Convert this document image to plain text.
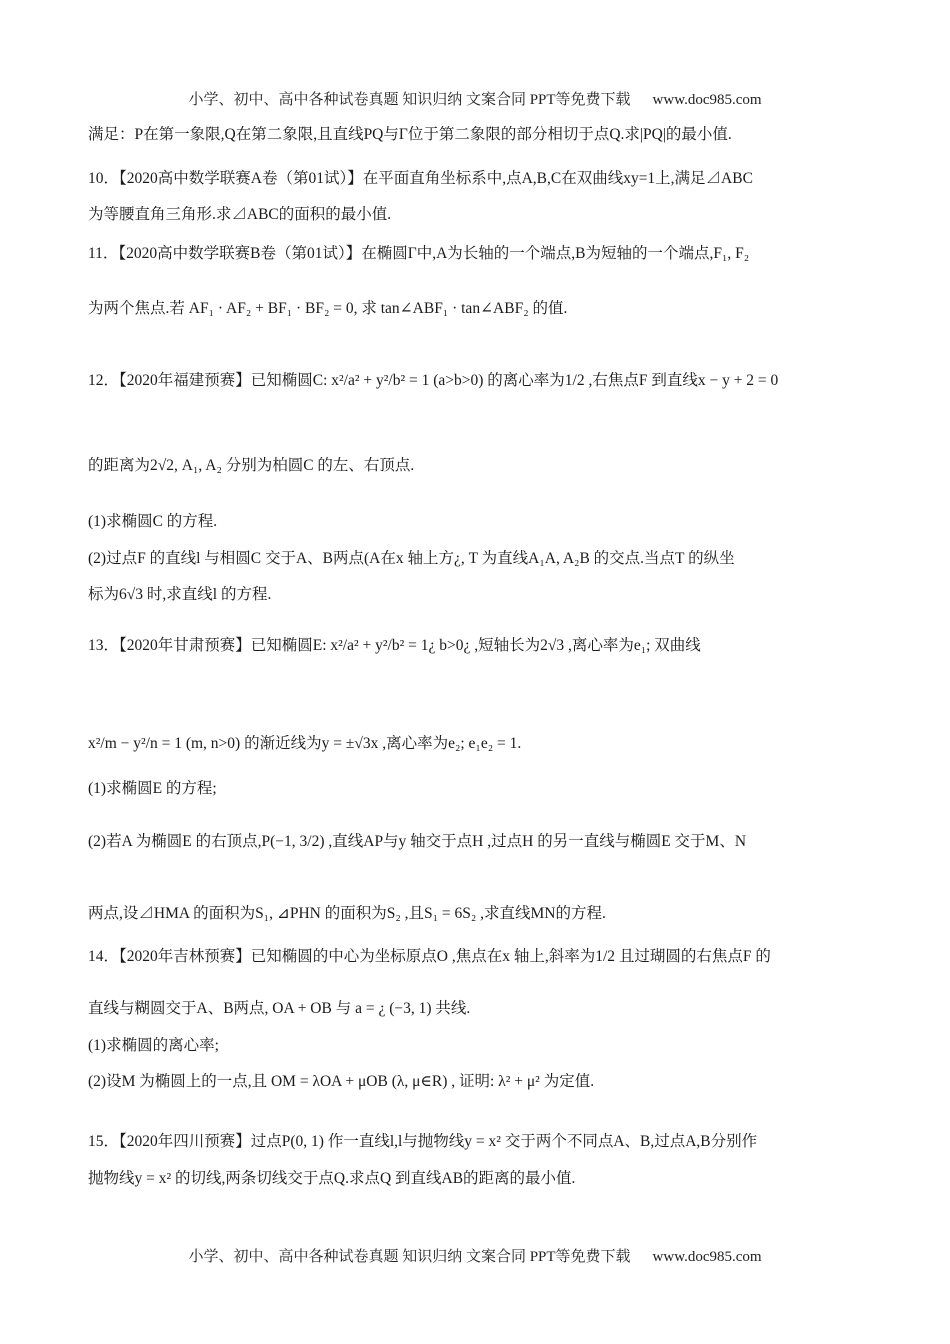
小学、初中、高中各种试卷真题 知识归纳 文案合同 PPT等免费下载 www.doc985.com
满足：P在第一象限,Q在第二象限,且直线PQ与Γ位于第二象限的部分相切于点Q.求|PQ|的最小值.
10．【2020高中数学联赛A卷（第01试）】在平面直角坐标系中,点A,B,C在双曲线xy=1上,满足⊿ABC
为等腰直角三角形.求⊿ABC的面积的最小值.
11．【2020高中数学联赛B卷（第01试）】在椭圆Γ中,A为长轴的一个端点,B为短轴的一个端点,F₁, F₂
为两个焦点.若 AF₁ · AF₂ + BF₁ · BF₂ = 0, 求 tan∠ABF₁ · tan∠ABF₂ 的值.
12．【2020年福建预赛】已知椭圆C: x²/a² + y²/b² = 1 (a>b>0) 的离心率为1/2 ,右焦点F 到直线x − y + 2 = 0
的距离为2√2, A₁, A₂ 分别为柏圆C 的左、右顶点.
(1)求椭圆C 的方程.
(2)过点F 的直线l 与相圆C 交于A、B两点(A在x 轴上方¿, T 为直线A₁A, A₂B 的交点.当点T 的纵坐
标为6√3 时,求直线l 的方程.
13．【2020年甘肃预赛】已知椭圆E: x²/a² + y²/b² = 1¿ b>0¿ ,短轴长为2√3 ,离心率为e₁; 双曲线
x²/m − y²/n = 1 (m, n>0) 的渐近线为y = ±√3x ,离心率为e₂; e₁e₂ = 1.
(1)求椭圆E 的方程;
(2)若A 为椭圆E 的右顶点,P(−1, 3/2) ,直线AP与y 轴交于点H ,过点H 的另一直线与椭圆E 交于M、N
两点,设⊿HMA 的面积为S₁, ⊿PHN 的面积为S₂ ,且S₁ = 6S₂ ,求直线MN的方程.
14．【2020年吉林预赛】已知椭圆的中心为坐标原点O ,焦点在x 轴上,斜率为1/2 且过瑚圆的右焦点F 的
直线与糊圆交于A、B两点, OA + OB 与 a = ¿ (−3, 1) 共线.
(1)求椭圆的离心率;
(2)设M 为椭圆上的一点,且 OM = λOA + μOB (λ, μ∈R) , 证明: λ² + μ² 为定值.
15．【2020年四川预赛】过点P(0, 1) 作一直线l,l与抛物线y = x² 交于两个不同点A、B,过点A,B分别作
抛物线y = x² 的切线,两条切线交于点Q.求点Q 到直线AB的距离的最小值.
小学、初中、高中各种试卷真题 知识归纳 文案合同 PPT等免费下载 www.doc985.com
